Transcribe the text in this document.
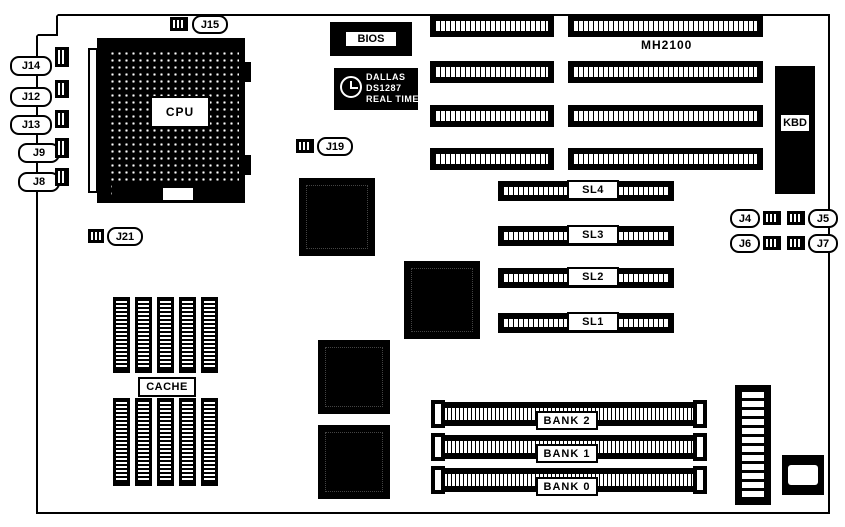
J14
J12
J13
J9
J8
CPU
AMP
J15
J19
J21
BIOS
DALLAS
DS1287
REAL TIME
MH2100
SL4
SL3
SL2
SL1
KBD
J4	J5
J6	J7
CACHE
BANK 2
BANK 1
BANK 0
